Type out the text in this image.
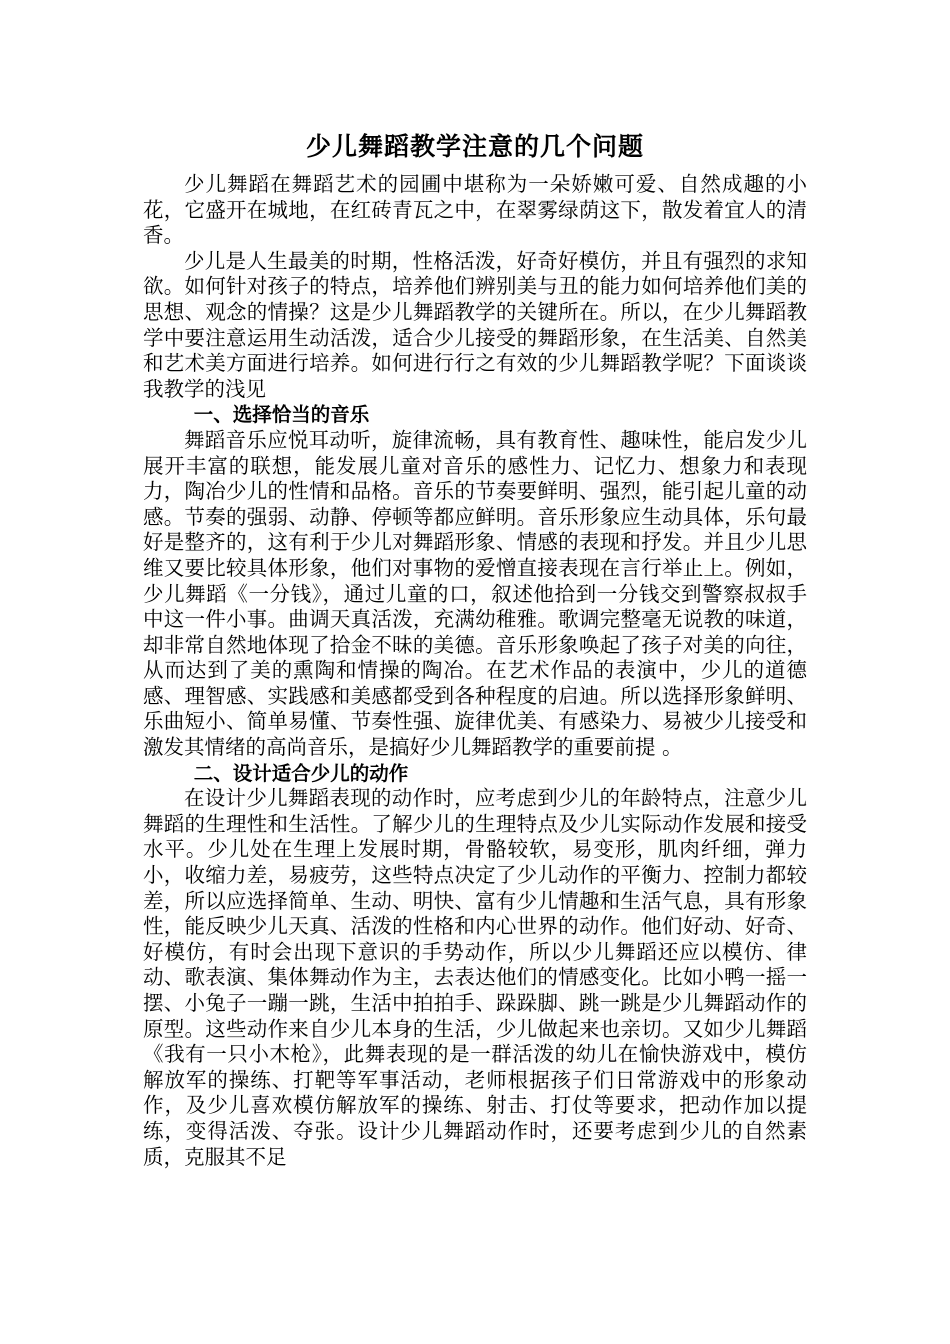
少儿舞蹈教学注意的几个问题

少儿舞蹈在舞蹈艺术的园圃中堪称为一朵娇嫩可爱、自然成趣的小花，它盛开在城地，在红砖青瓦之中，在翠雾绿荫这下，散发着宜人的清香。

少儿是人生最美的时期，性格活泼，好奇好模仿，并且有强烈的求知欲。如何针对孩子的特点，培养他们辨别美与丑的能力如何培养他们美的思想、观念的情操？这是少儿舞蹈教学的关键所在。所以，在少儿舞蹈教学中要注意运用生动活泼，适合少儿接受的舞蹈形象，在生活美、自然美和艺术美方面进行培养。如何进行行之有效的少儿舞蹈教学呢？下面谈谈我教学的浅见

一、选择恰当的音乐

舞蹈音乐应悦耳动听，旋律流畅，具有教育性、趣味性，能启发少儿展开丰富的联想，能发展儿童对音乐的感性力、记忆力、想象力和表现力，陶冶少儿的性情和品格。音乐的节奏要鲜明、强烈，能引起儿童的动感。节奏的强弱、动静、停顿等都应鲜明。音乐形象应生动具体，乐句最好是整齐的，这有利于少儿对舞蹈形象、情感的表现和抒发。并且少儿思维又要比较具体形象，他们对事物的爱憎直接表现在言行举止上。例如，少儿舞蹈《一分钱》，通过儿童的口，叙述他拾到一分钱交到警察叔叔手中这一件小事。曲调天真活泼，充满幼稚雅。歌调完整毫无说教的味道，却非常自然地体现了拾金不昧的美德。音乐形象唤起了孩子对美的向往，从而达到了美的熏陶和情操的陶冶。在艺术作品的表演中，少儿的道德感、理智感、实践感和美感都受到各种程度的启迪。所以选择形象鲜明、乐曲短小、简单易懂、节奏性强、旋律优美、有感染力、易被少儿接受和激发其情绪的高尚音乐，是搞好少儿舞蹈教学的重要前提 。

二、设计适合少儿的动作

在设计少儿舞蹈表现的动作时，应考虑到少儿的年龄特点，注意少儿舞蹈的生理性和生活性。了解少儿的生理特点及少儿实际动作发展和接受水平。少儿处在生理上发展时期，骨骼较软，易变形，肌肉纤细，弹力小，收缩力差，易疲劳，这些特点决定了少儿动作的平衡力、控制力都较差，所以应选择简单、生动、明快、富有少儿情趣和生活气息，具有形象性，能反映少儿天真、活泼的性格和内心世界的动作。他们好动、好奇、好模仿，有时会出现下意识的手势动作，所以少儿舞蹈还应以模仿、律动、歌表演、集体舞动作为主，去表达他们的情感变化。比如小鸭一摇一摆、小兔子一蹦一跳，生活中拍拍手、跺跺脚、跳一跳是少儿舞蹈动作的原型。这些动作来自少儿本身的生活，少儿做起来也亲切。又如少儿舞蹈《我有一只小木枪》，此舞表现的是一群活泼的幼儿在愉快游戏中，模仿解放军的操练、打靶等军事活动，老师根据孩子们日常游戏中的形象动作，及少儿喜欢模仿解放军的操练、射击、打仗等要求，把动作加以提练，变得活泼、夺张。设计少儿舞蹈动作时，还要考虑到少儿的自然素质，克服其不足
